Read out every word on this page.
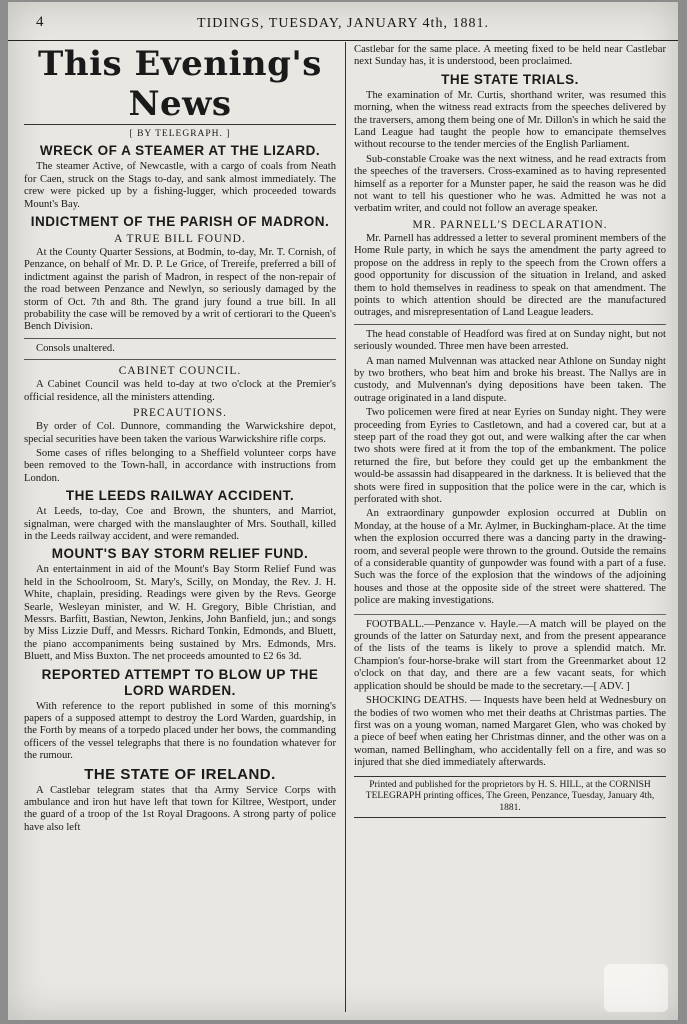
4	TIDINGS, TUESDAY, JANUARY 4th, 1881.
This Evening's News
[ BY TELEGRAPH. ]
WRECK OF A STEAMER AT THE LIZARD.

The steamer Active, of Newcastle, with a cargo of coals from Neath for Caen, struck on the Stags to-day, and sank almost immediately. The crew were picked up by a fishing-lugger, which proceeded towards Mount's Bay.

INDICTMENT OF THE PARISH OF MADRON.
A TRUE BILL FOUND.

At the County Quarter Sessions, at Bodmin, to-day, Mr. T. Cornish, of Penzance, on behalf of Mr. D. P. Le Grice, of Trereife, preferred a bill of indictment against the parish of Madron, in respect of the non-repair of the road between Penzance and Newlyn, so seriously damaged by the storm of Oct. 7th and 8th. The grand jury found a true bill. In all probability the case will be removed by a writ of certiorari to the Queen's Bench Division.

Consols unaltered.

CABINET COUNCIL.

A Cabinet Council was held to-day at two o'clock at the Premier's official residence, all the ministers attending.

PRECAUTIONS.

By order of Col. Dunnore, commanding the Warwickshire depot, special securities have been taken the various Warwickshire rifle corps.

Some cases of rifles belonging to a Sheffield volunteer corps have been removed to the Town-hall, in accordance with instructions from London.

THE LEEDS RAILWAY ACCIDENT.

At Leeds, to-day, Coe and Brown, the shunters, and Marriot, signalman, were charged with the manslaughter of Mrs. Southall, killed in the Leeds railway accident, and were remanded.

MOUNT'S BAY STORM RELIEF FUND.

An entertainment in aid of the Mount's Bay Storm Relief Fund was held in the Schoolroom, St. Mary's, Scilly, on Monday, the Rev. J. H. White, chaplain, presiding. Readings were given by the Revs. George Searle, Wesleyan minister, and W. H. Gregory, Bible Christian, and Messrs. Barfitt, Bastian, Newton, Jenkins, John Banfield, jun.; and songs by Miss Lizzie Duff, and Messrs. Richard Tonkin, Edmonds, and Bluett, the piano accompaniments being sustained by Mrs. Edmonds, Mrs. Bluett, and Miss Buxton. The net proceeds amounted to £2 6s 3d.

REPORTED ATTEMPT TO BLOW UP THE LORD WARDEN.

With reference to the report published in some of this morning's papers of a supposed attempt to destroy the Lord Warden, guardship, in the Forth by means of a torpedo placed under her bows, the commanding officers of the vessel telegraphs that there is no foundation whatever for the rumour.

THE STATE OF IRELAND.

A Castlebar telegram states that tha Army Service Corps with ambulance and iron hut have left that town for Kiltree, Westport, under the guard of a troop of the 1st Royal Dragoons. A strong party of police have also left

Castlebar for the same place. A meeting fixed to be held near Castlebar next Sunday has, it is understood, been proclaimed.

THE STATE TRIALS.

The examination of Mr. Curtis, shorthand writer, was resumed this morning, when the witness read extracts from the speeches delivered by the traversers, among them being one of Mr. Dillon's in which he said the Land League had taught the people how to emancipate themselves without recourse to the tender mercies of the English Parliament.

Sub-constable Croake was the next witness, and he read extracts from the speeches of the traversers. Cross-examined as to having represented himself as a reporter for a Munster paper, he said the reason was he did not want to tell his questioner who he was. Admitted he was not a verbatim writer, and could not follow an average speaker.

MR. PARNELL'S DECLARATION.

Mr. Parnell has addressed a letter to several prominent members of the Home Rule party, in which he says the amendment the party agreed to propose on the address in reply to the speech from the Crown offers a good opportunity for discussion of the situation in Ireland, and asked them to hold themselves in readiness to speak on that amendment. The points to which attention should be directed are the manufactured outrages, and misrepresentation of Land League leaders.

The head constable of Headford was fired at on Sunday night, but not seriously wounded. Three men have been arrested.

A man named Mulvennan was attacked near Athlone on Sunday night by two brothers, who beat him and broke his breast. The Nallys are in custody, and Mulvennan's dying depositions have been taken. The outrage originated in a land dispute.

Two policemen were fired at near Eyries on Sunday night. They were proceeding from Eyries to Castletown, and had a covered car, but at a steep part of the road they got out, and were walking after the car when two shots were fired at it from the top of the embankment. The police returned the fire, but before they could get up the embankment the would-be assassin had disappeared in the darkness. It is believed that the shots were fired in supposition that the police were in the car, which is perforated with shot.

An extraordinary gunpowder explosion occurred at Dublin on Monday, at the house of a Mr. Aylmer, in Buckingham-place. At the time when the explosion occurred there was a dancing party in the drawing-room, and several people were thrown to the ground. Outside the remains of a considerable quantity of gunpowder was found with a part of a fuse. Such was the force of the explosion that the windows of the adjoining houses and those at the opposite side of the street were shattered. The police are making investigations.

FOOTBALL.—Penzance v. Hayle.—A match will be played on the grounds of the latter on Saturday next, and from the present appearance of the lists of the teams is likely to prove a splendid match. Mr. Champion's four-horse-brake will start from the Greenmarket about 12 o'clock on that day, and there are a few vacant seats, for which application should be should be made to the secretary.—[ ADV. ]

SHOCKING DEATHS. — Inquests have been held at Wednesbury on the bodies of two women who met their deaths at Christmas parties. The first was on a young woman, named Margaret Glen, who was choked by a piece of beef when eating her Christmas dinner, and the other was on a woman, named Bellingham, who accidentally fell on a fire, and was so injured that she died immediately afterwards.

Printed and published for the proprietors by H. S. HILL, at the CORNISH TELEGRAPH printing offices, The Green, Penzance, Tuesday, January 4th, 1881.
